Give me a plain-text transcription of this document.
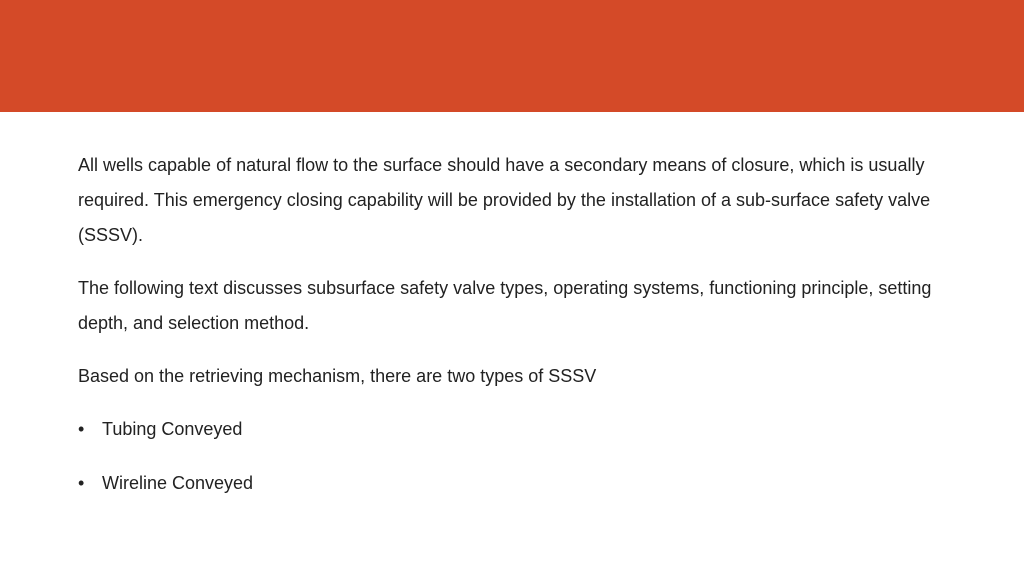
All wells capable of natural flow to the surface should have a secondary means of closure, which is usually required. This emergency closing capability will be provided by the installation of a sub-surface safety valve (SSSV).

The following text discusses subsurface safety valve types, operating systems, functioning principle, setting depth, and selection method.

Based on the retrieving mechanism, there are two types of SSSV

• Tubing Conveyed
• Wireline Conveyed
